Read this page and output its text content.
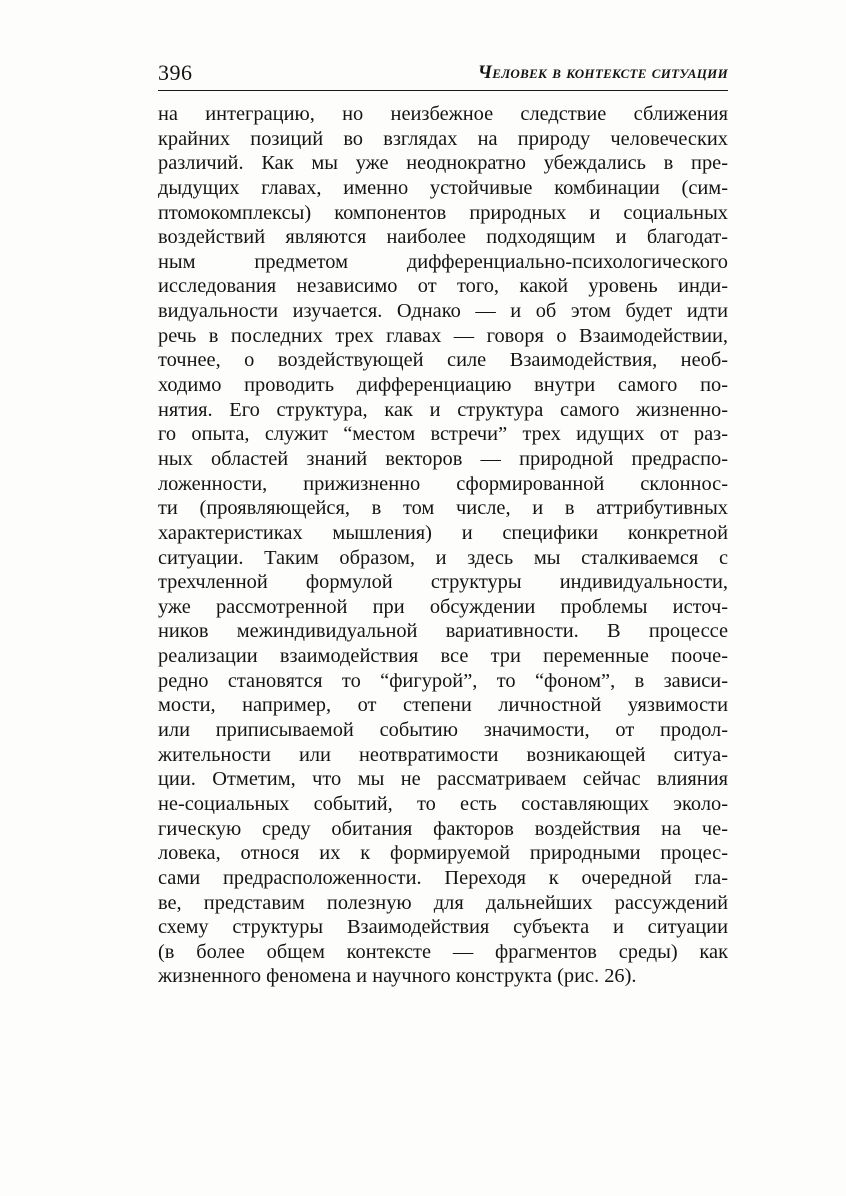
396	Человек в контексте ситуации
на интеграцию, но неизбежное следствие сближения
крайних позиций во взглядах на природу человеческих
различий. Как мы уже неоднократно убеждались в пре-
дыдущих главах, именно устойчивые комбинации (сим-
птомокомплексы) компонентов природных и социальных
воздействий являются наиболее подходящим и благодат-
ным предметом дифференциально-психологического
исследования независимо от того, какой уровень инди-
видуальности изучается. Однако — и об этом будет идти
речь в последних трех главах — говоря о Взаимодействии,
точнее, о воздействующей силе Взаимодействия, необ-
ходимо проводить дифференциацию внутри самого по-
нятия. Его структура, как и структура самого жизненно-
го опыта, служит “местом встречи” трех идущих от раз-
ных областей знаний векторов — природной предраспо-
ложенности, прижизненно сформированной склоннос-
ти (проявляющейся, в том числе, и в аттрибутивных
характеристиках мышления) и специфики конкретной
ситуации. Таким образом, и здесь мы сталкиваемся с
трехчленной формулой структуры индивидуальности,
уже рассмотренной при обсуждении проблемы источ-
ников межиндивидуальной вариативности. В процессе
реализации взаимодействия все три переменные пооче-
редно становятся то “фигурой”, то “фоном”, в зависи-
мости, например, от степени личностной уязвимости
или приписываемой событию значимости, от продол-
жительности или неотвратимости возникающей ситуа-
ции. Отметим, что мы не рассматриваем сейчас влияния
не-социальных событий, то есть составляющих эколо-
гическую среду обитания факторов воздействия на че-
ловека, относя их к формируемой природными процес-
сами предрасположенности. Переходя к очередной гла-
ве, представим полезную для дальнейших рассуждений
схему структуры Взаимодействия субъекта и ситуации
(в более общем контексте — фрагментов среды) как
жизненного феномена и научного конструкта (рис. 26).
